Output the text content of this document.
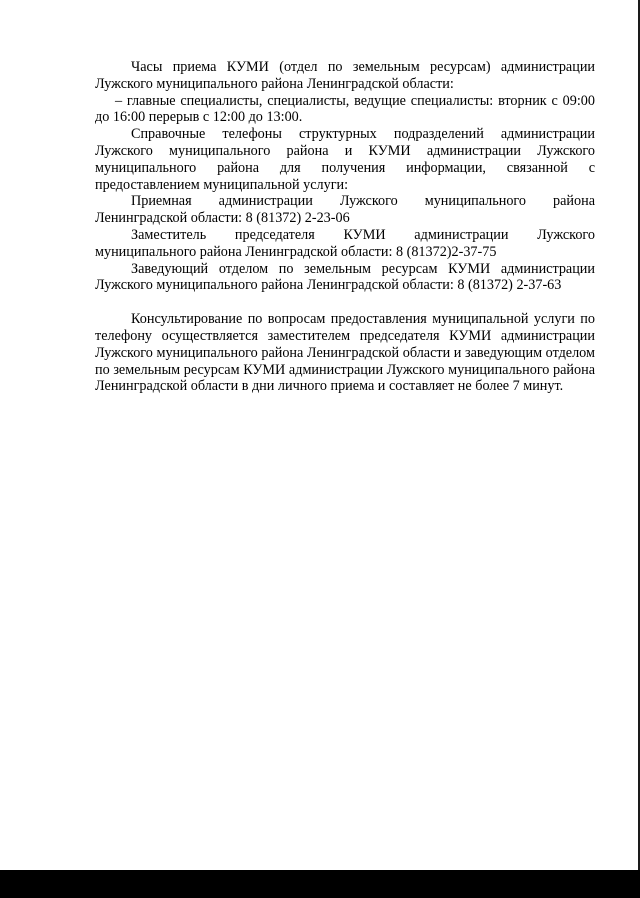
Часы приема КУМИ (отдел по земельным ресурсам) администрации Лужского муниципального района Ленинградской области:

– главные специалисты, специалисты, ведущие специалисты: вторник с 09:00 до 16:00 перерыв с 12:00 до 13:00.

Справочные телефоны структурных подразделений администрации Лужского муниципального района и КУМИ администрации Лужского муниципального района для получения информации, связанной с предоставлением муниципальной услуги:

Приемная администрации Лужского муниципального района Ленинградской области: 8 (81372) 2-23-06

Заместитель председателя КУМИ администрации Лужского муниципального района Ленинградской области: 8 (81372)2-37-75

Заведующий отделом по земельным ресурсам КУМИ администрации Лужского муниципального района Ленинградской области: 8 (81372) 2-37-63

Консультирование по вопросам предоставления муниципальной услуги по телефону осуществляется заместителем председателя КУМИ администрации Лужского муниципального района Ленинградской области и заведующим отделом по земельным ресурсам КУМИ администрации Лужского муниципального района Ленинградской области в дни личного приема и составляет не более 7 минут.
